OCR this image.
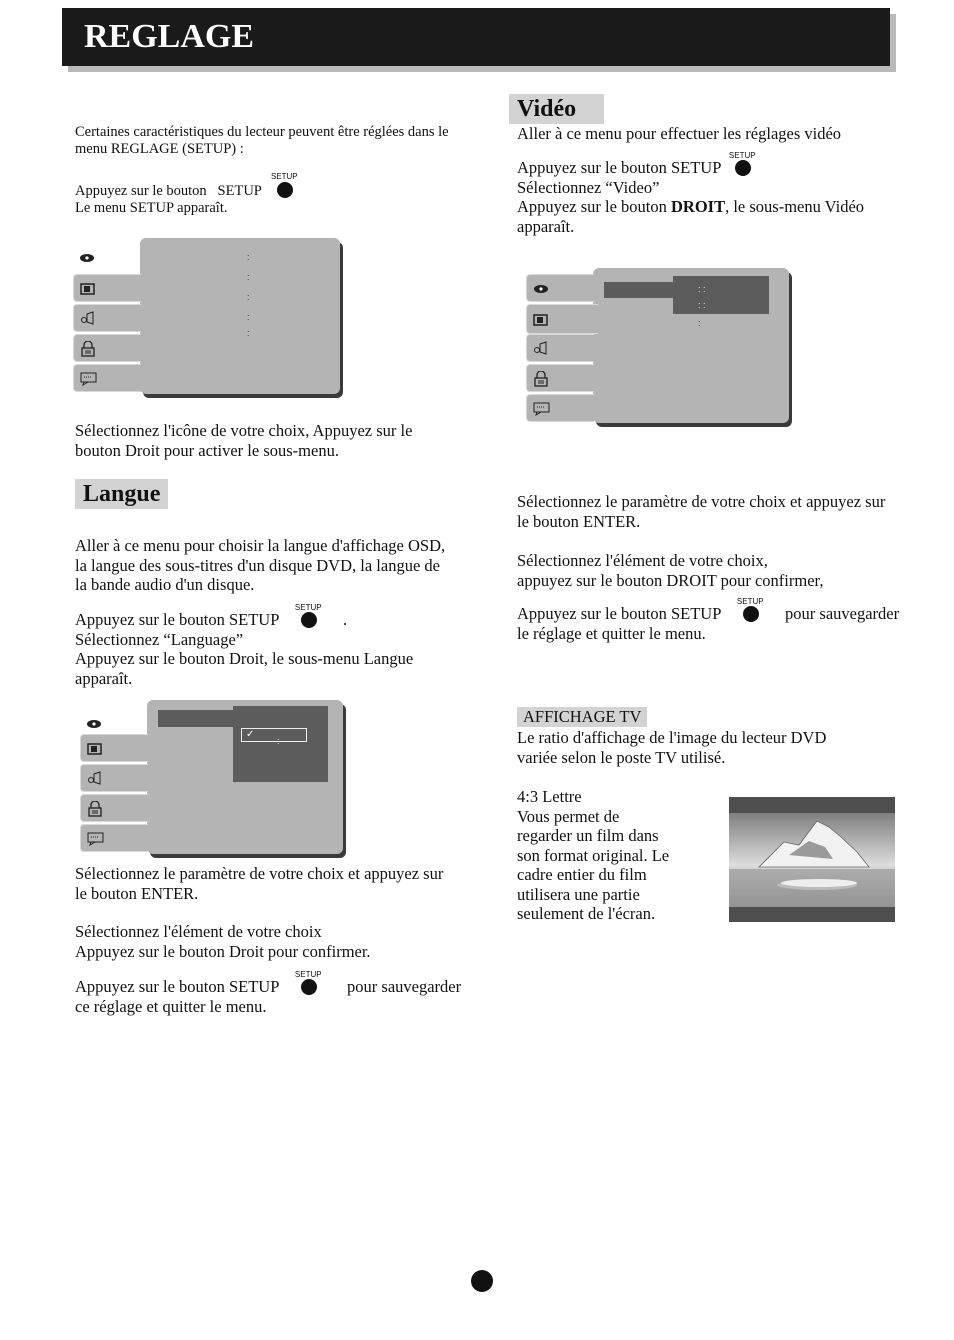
REGLAGE
Certaines caractéristiques du lecteur peuvent être réglées dans le
menu REGLAGE (SETUP) :
Appuyez sur le bouton   SETUP
SETUP
Le menu SETUP apparaît.
:
:
:
:
:
Sélectionnez l'icône de votre choix, Appuyez sur le
bouton Droit pour activer le sous-menu.
Langue
Aller à ce menu pour choisir la langue d'affichage OSD,
la langue des sous-titres d'un disque DVD, la langue de
la bande audio d'un disque.
Appuyez sur le bouton SETUP
SETUP
.
Sélectionnez “Language”
Appuyez sur le bouton Droit, le sous-menu Langue
apparaît.
✓
:
Sélectionnez le paramètre de votre choix et appuyez sur
le bouton ENTER.
Sélectionnez l'élément de votre choix
Appuyez sur le bouton Droit pour confirmer.
Appuyez sur le bouton SETUP
SETUP
pour sauvegarder
ce réglage et quitter le menu.
Vidéo
Aller à ce menu pour effectuer les réglages vidéo
Appuyez sur le bouton SETUP
SETUP
Sélectionnez “Video”
Appuyez sur le bouton DROIT, le sous-menu Vidéo
apparaît.
: :
: :
:
Sélectionnez le paramètre de votre choix et appuyez sur
le bouton ENTER.
Sélectionnez l'élément de votre choix,
appuyez sur le bouton DROIT pour confirmer,
Appuyez sur le bouton SETUP
SETUP
pour sauvegarder
le réglage et quitter le menu.
AFFICHAGE TV
Le ratio d'affichage de l'image du lecteur DVD
variée selon le poste TV utilisé.
4:3 Lettre
Vous permet de
regarder un film dans
son format original. Le
cadre entier du film
utilisera une partie
seulement de l'écran.
